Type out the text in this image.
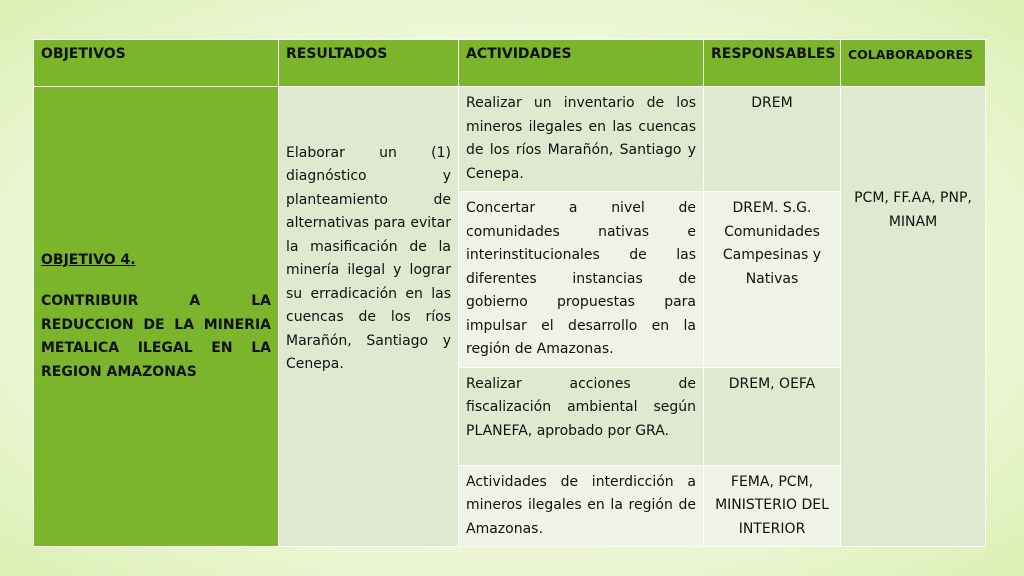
OBJETIVOS	RESULTADOS	ACTIVIDADES	RESPONSABLES	COLABORADORES

OBJETIVO 4.
CONTRIBUIR A LA REDUCCION DE LA MINERIA METALICA ILEGAL EN LA REGION AMAZONAS	Elaborar un (1) diagnóstico y planteamiento de alternativas para evitar la masificación de la minería ilegal y lograr su erradicación en las cuencas de los ríos Marañón, Santiago y Cenepa.	Realizar un inventario de los mineros ilegales en las cuencas de los ríos Marañón, Santiago y Cenepa.	DREM	PCM, FF.AA, PNP, MINAM
		Concertar a nivel de comunidades nativas e interinstitucionales de las diferentes instancias de gobierno propuestas para impulsar el desarrollo en la región de Amazonas.	DREM. S.G. Comunidades Campesinas y Nativas	
		Realizar acciones de fiscalización ambiental según PLANEFA, aprobado por GRA.	DREM, OEFA	
		Actividades de interdicción a mineros ilegales en la región de Amazonas.	FEMA, PCM, MINISTERIO DEL INTERIOR	
